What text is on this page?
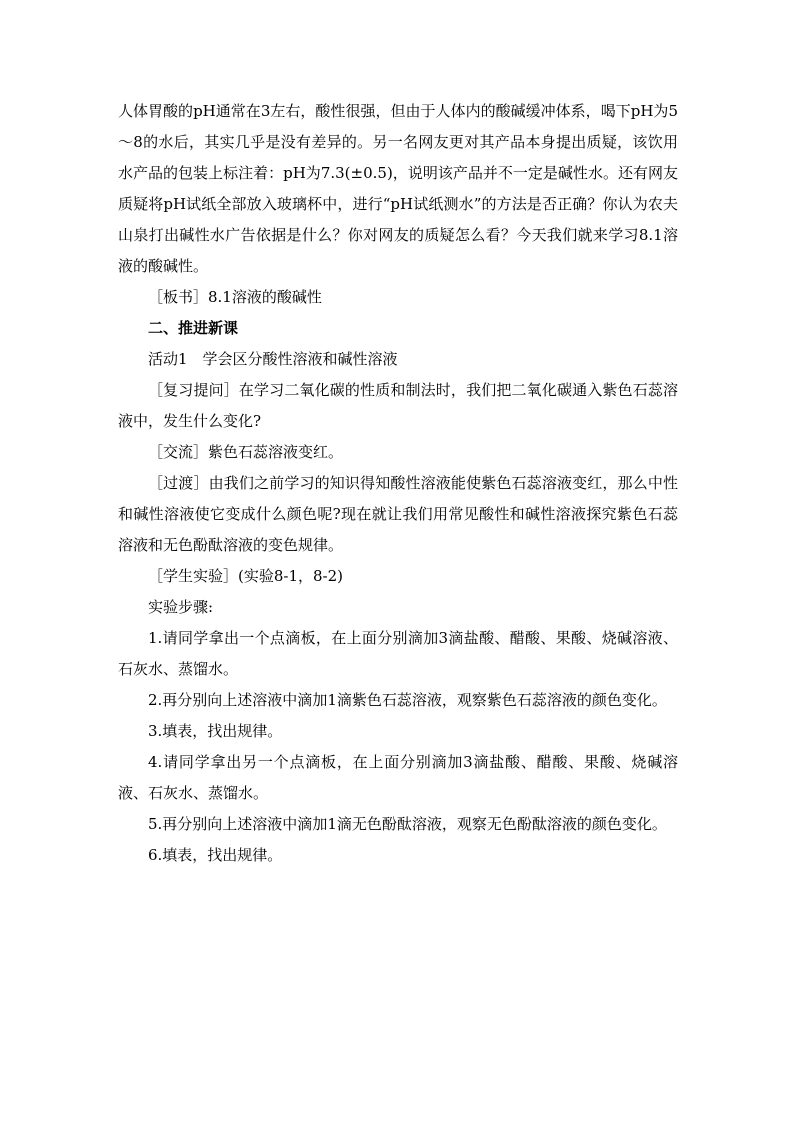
人体胃酸的pH通常在3左右，酸性很强，但由于人体内的酸碱缓冲体系，喝下pH为5～8的水后，其实几乎是没有差异的。另一名网友更对其产品本身提出质疑，该饮用水产品的包装上标注着：pH为7.3(±0.5)，说明该产品并不一定是碱性水。还有网友质疑将pH试纸全部放入玻璃杯中，进行“pH试纸测水”的方法是否正确？你认为农夫山泉打出碱性水广告依据是什么？你对网友的质疑怎么看？今天我们就来学习8.1溶液的酸碱性。

［板书］8.1溶液的酸碱性

二、推进新课

活动1　学会区分酸性溶液和碱性溶液

［复习提问］在学习二氧化碳的性质和制法时，我们把二氧化碳通入紫色石蕊溶液中，发生什么变化?

［交流］紫色石蕊溶液变红。

［过渡］由我们之前学习的知识得知酸性溶液能使紫色石蕊溶液变红，那么中性和碱性溶液使它变成什么颜色呢?现在就让我们用常见酸性和碱性溶液探究紫色石蕊溶液和无色酚酞溶液的变色规律。

［学生实验］(实验8-1，8-2)

实验步骤:

1.请同学拿出一个点滴板，在上面分别滴加3滴盐酸、醋酸、果酸、烧碱溶液、石灰水、蒸馏水。

2.再分别向上述溶液中滴加1滴紫色石蕊溶液，观察紫色石蕊溶液的颜色变化。

3.填表，找出规律。

4.请同学拿出另一个点滴板，在上面分别滴加3滴盐酸、醋酸、果酸、烧碱溶液、石灰水、蒸馏水。

5.再分别向上述溶液中滴加1滴无色酚酞溶液，观察无色酚酞溶液的颜色变化。

6.填表，找出规律。
